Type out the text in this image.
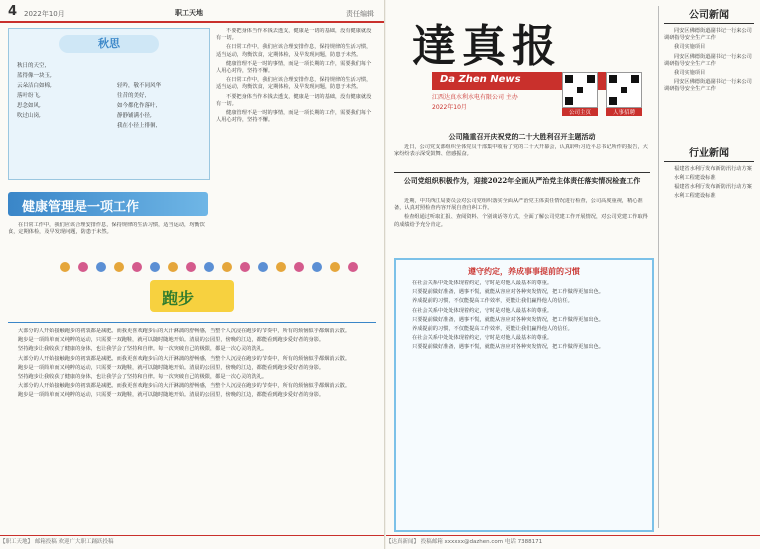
4 2022年10月	职工天地	责任编辑
秋思
秋日的天空,
蓝得像一块玉,
云朵洁白如棉,
落叶纷飞,
思念如风,
吹过山岗,
轻吟，敬不同风华
往昔的美好,
如今都化作落叶,
静静铺满小径,
我在小径上徘徊,

不要把身体当作本钱去透支，健康是一切的基础，没有健康就没有一切。

在日常工作中，我们应该合理安排作息，保持规律的生活习惯，适当运动，均衡饮食，定期体检，及早发现问题，防患于未然。

健康管理不是一时的事情，而是一项长期的工作，需要我们每个人用心对待，坚持不懈。

在日常工作中，我们应该合理安排作息，保持规律的生活习惯，适当运动，均衡饮食，定期体检，及早发现问题，防患于未然。

不要把身体当作本钱去透支，健康是一切的基础，没有健康就没有一切。

健康管理不是一时的事情，而是一项长期的工作，需要我们每个人用心对待，坚持不懈。

健康管理是一项工作

在日常工作中，我们应该合理安排作息，保持规律的生活习惯，适当运动，均衡饮食，定期体检，及早发现问题，防患于未然。

跑步

大部分的人开始接触跑步的初衷都是减肥。而我更喜欢跑步后的大汗淋漓的舒畅感，当整个人沉浸在跑步的节奏中，所有的烦恼似乎都烟消云散。

跑步是一项简单而又纯粹的运动，只需要一双跑鞋，就可以随时随地开始。清晨的公园里，傍晚的江边，都能看到跑步爱好者的身影。

坚持跑步让我收获了健康的身体，也让我学会了坚持和自律。每一次突破自己的极限，都是一次心灵的洗礼。

大部分的人开始接触跑步的初衷都是减肥。而我更喜欢跑步后的大汗淋漓的舒畅感，当整个人沉浸在跑步的节奏中，所有的烦恼似乎都烟消云散。

跑步是一项简单而又纯粹的运动，只需要一双跑鞋，就可以随时随地开始。清晨的公园里，傍晚的江边，都能看到跑步爱好者的身影。

坚持跑步让我收获了健康的身体，也让我学会了坚持和自律。每一次突破自己的极限，都是一次心灵的洗礼。

大部分的人开始接触跑步的初衷都是减肥。而我更喜欢跑步后的大汗淋漓的舒畅感，当整个人沉浸在跑步的节奏中，所有的烦恼似乎都烟消云散。

跑步是一项简单而又纯粹的运动，只需要一双跑鞋，就可以随时随地开始。清晨的公园里，傍晚的江边，都能看到跑步爱好者的身影。

【职工天地】 邮箱投稿 欢迎广大职工踊跃投稿
達真报
Da Zhen News
江西达真水利水电有限公司 主办
2022年10月
公司主页	人事招聘
公司隆重召开庆祝党的二十大胜利召开主题活动

近日，公司党支部组织全体党员干部集中收看了党的二十大开幕会，认真聆听习近平总书记所作的报告，大家纷纷表示深受鼓舞、倍感振奋。

公司党组织积极作为，迎接2022年全面从严治党主体责任落实情况检查工作

近期，中共西江局委员会对公司党组织落实全面从严治党主体责任情况进行检查，公司高度重视，精心准备，认真对照检查内容开展自查自纠工作。

检查组通过听取汇报、查阅资料、个别谈话等方式，全面了解公司党建工作开展情况，对公司党建工作取得的成绩给予充分肯定。

遵守约定，养成事事提前的习惯

在社会关系中处处体现着约定，守时是对他人最基本的尊重。

只要提前做好准备，遇事不慌，就能从容应对各种突发情况，把工作做得更加出色。

养成提前的习惯，不仅能提高工作效率，更能让我们赢得他人的信任。

在社会关系中处处体现着约定，守时是对他人最基本的尊重。

只要提前做好准备，遇事不慌，就能从容应对各种突发情况，把工作做得更加出色。

养成提前的习惯，不仅能提高工作效率，更能让我们赢得他人的信任。

在社会关系中处处体现着约定，守时是对他人最基本的尊重。

只要提前做好准备，遇事不慌，就能从容应对各种突发情况，把工作做得更加出色。

公司新闻

同安区佛德街道副书记一行来公司调研指导安全生产工作

我司实施项目

同安区佛德街道副书记一行来公司调研指导安全生产工作

我司实施项目

同安区佛德街道副书记一行来公司调研指导安全生产工作

行业新闻

福建省水利厅发布新防汛行动方案

水利工程建设标准

福建省水利厅发布新防汛行动方案

水利工程建设标准

【达真新闻】 投稿邮箱 xxxxxx@dazhen.com 电话 7388171
